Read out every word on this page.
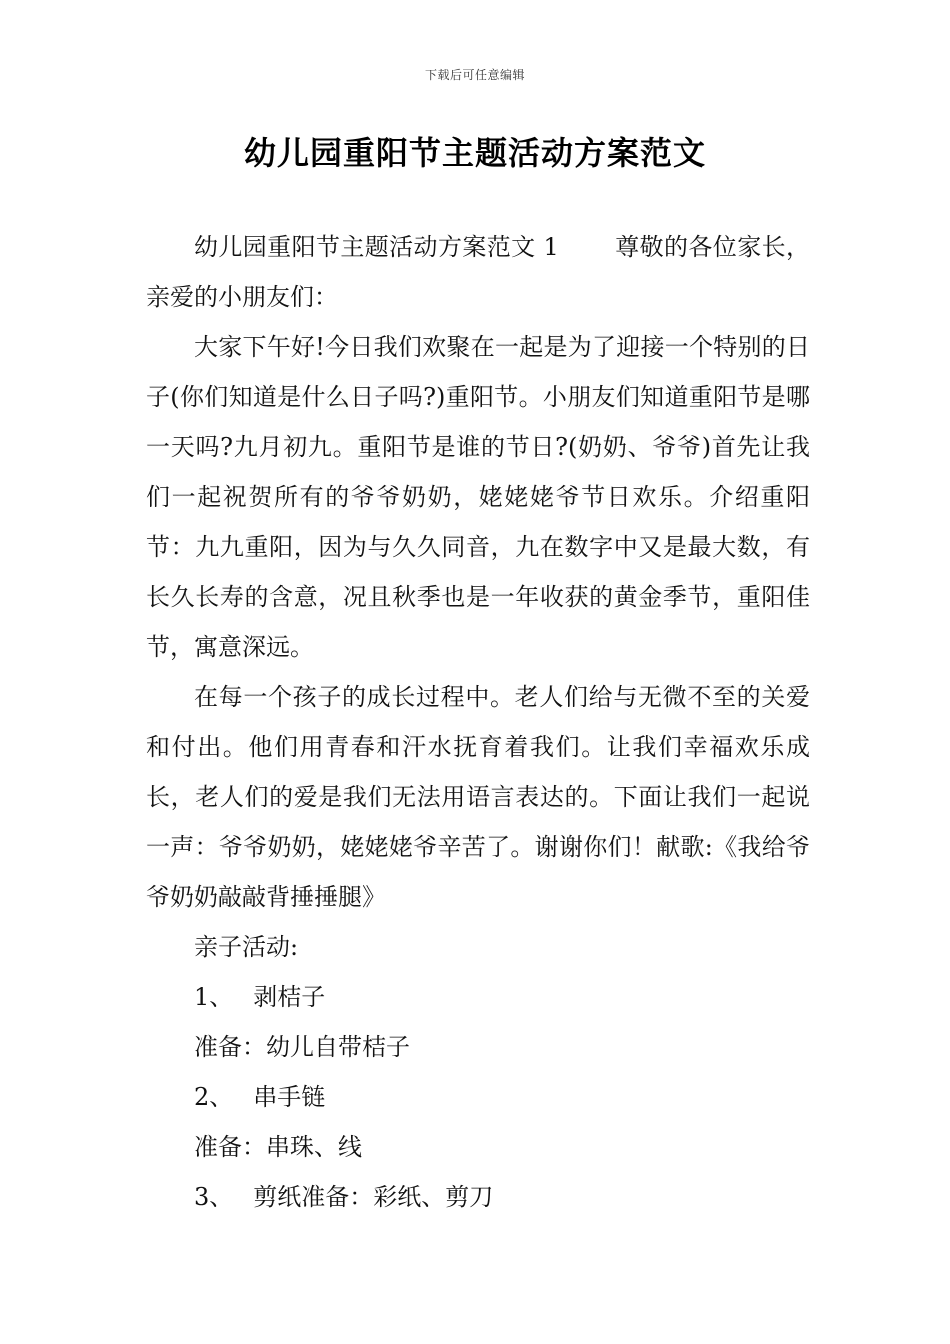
下载后可任意编辑
幼儿园重阳节主题活动方案范文

幼儿园重阳节主题活动方案范文 1 尊敬的各位家长，亲爱的小朋友们：

大家下午好!今日我们欢聚在一起是为了迎接一个特别的日子(你们知道是什么日子吗?)重阳节。小朋友们知道重阳节是哪一天吗?九月初九。重阳节是谁的节日?(奶奶、爷爷)首先让我们一起祝贺所有的爷爷奶奶，姥姥姥爷节日欢乐。介绍重阳节：九九重阳，因为与久久同音，九在数字中又是最大数，有长久长寿的含意，况且秋季也是一年收获的黄金季节，重阳佳节，寓意深远。

在每一个孩子的成长过程中。老人们给与无微不至的关爱和付出。他们用青春和汗水抚育着我们。让我们幸福欢乐成长，老人们的爱是我们无法用语言表达的。下面让我们一起说一声：爷爷奶奶，姥姥姥爷辛苦了。谢谢你们！献歌:《我给爷爷奶奶敲敲背捶捶腿》

亲子活动:

1、 剥桔子

准备：幼儿自带桔子

2、 串手链

准备：串珠、线

3、 剪纸准备：彩纸、剪刀
